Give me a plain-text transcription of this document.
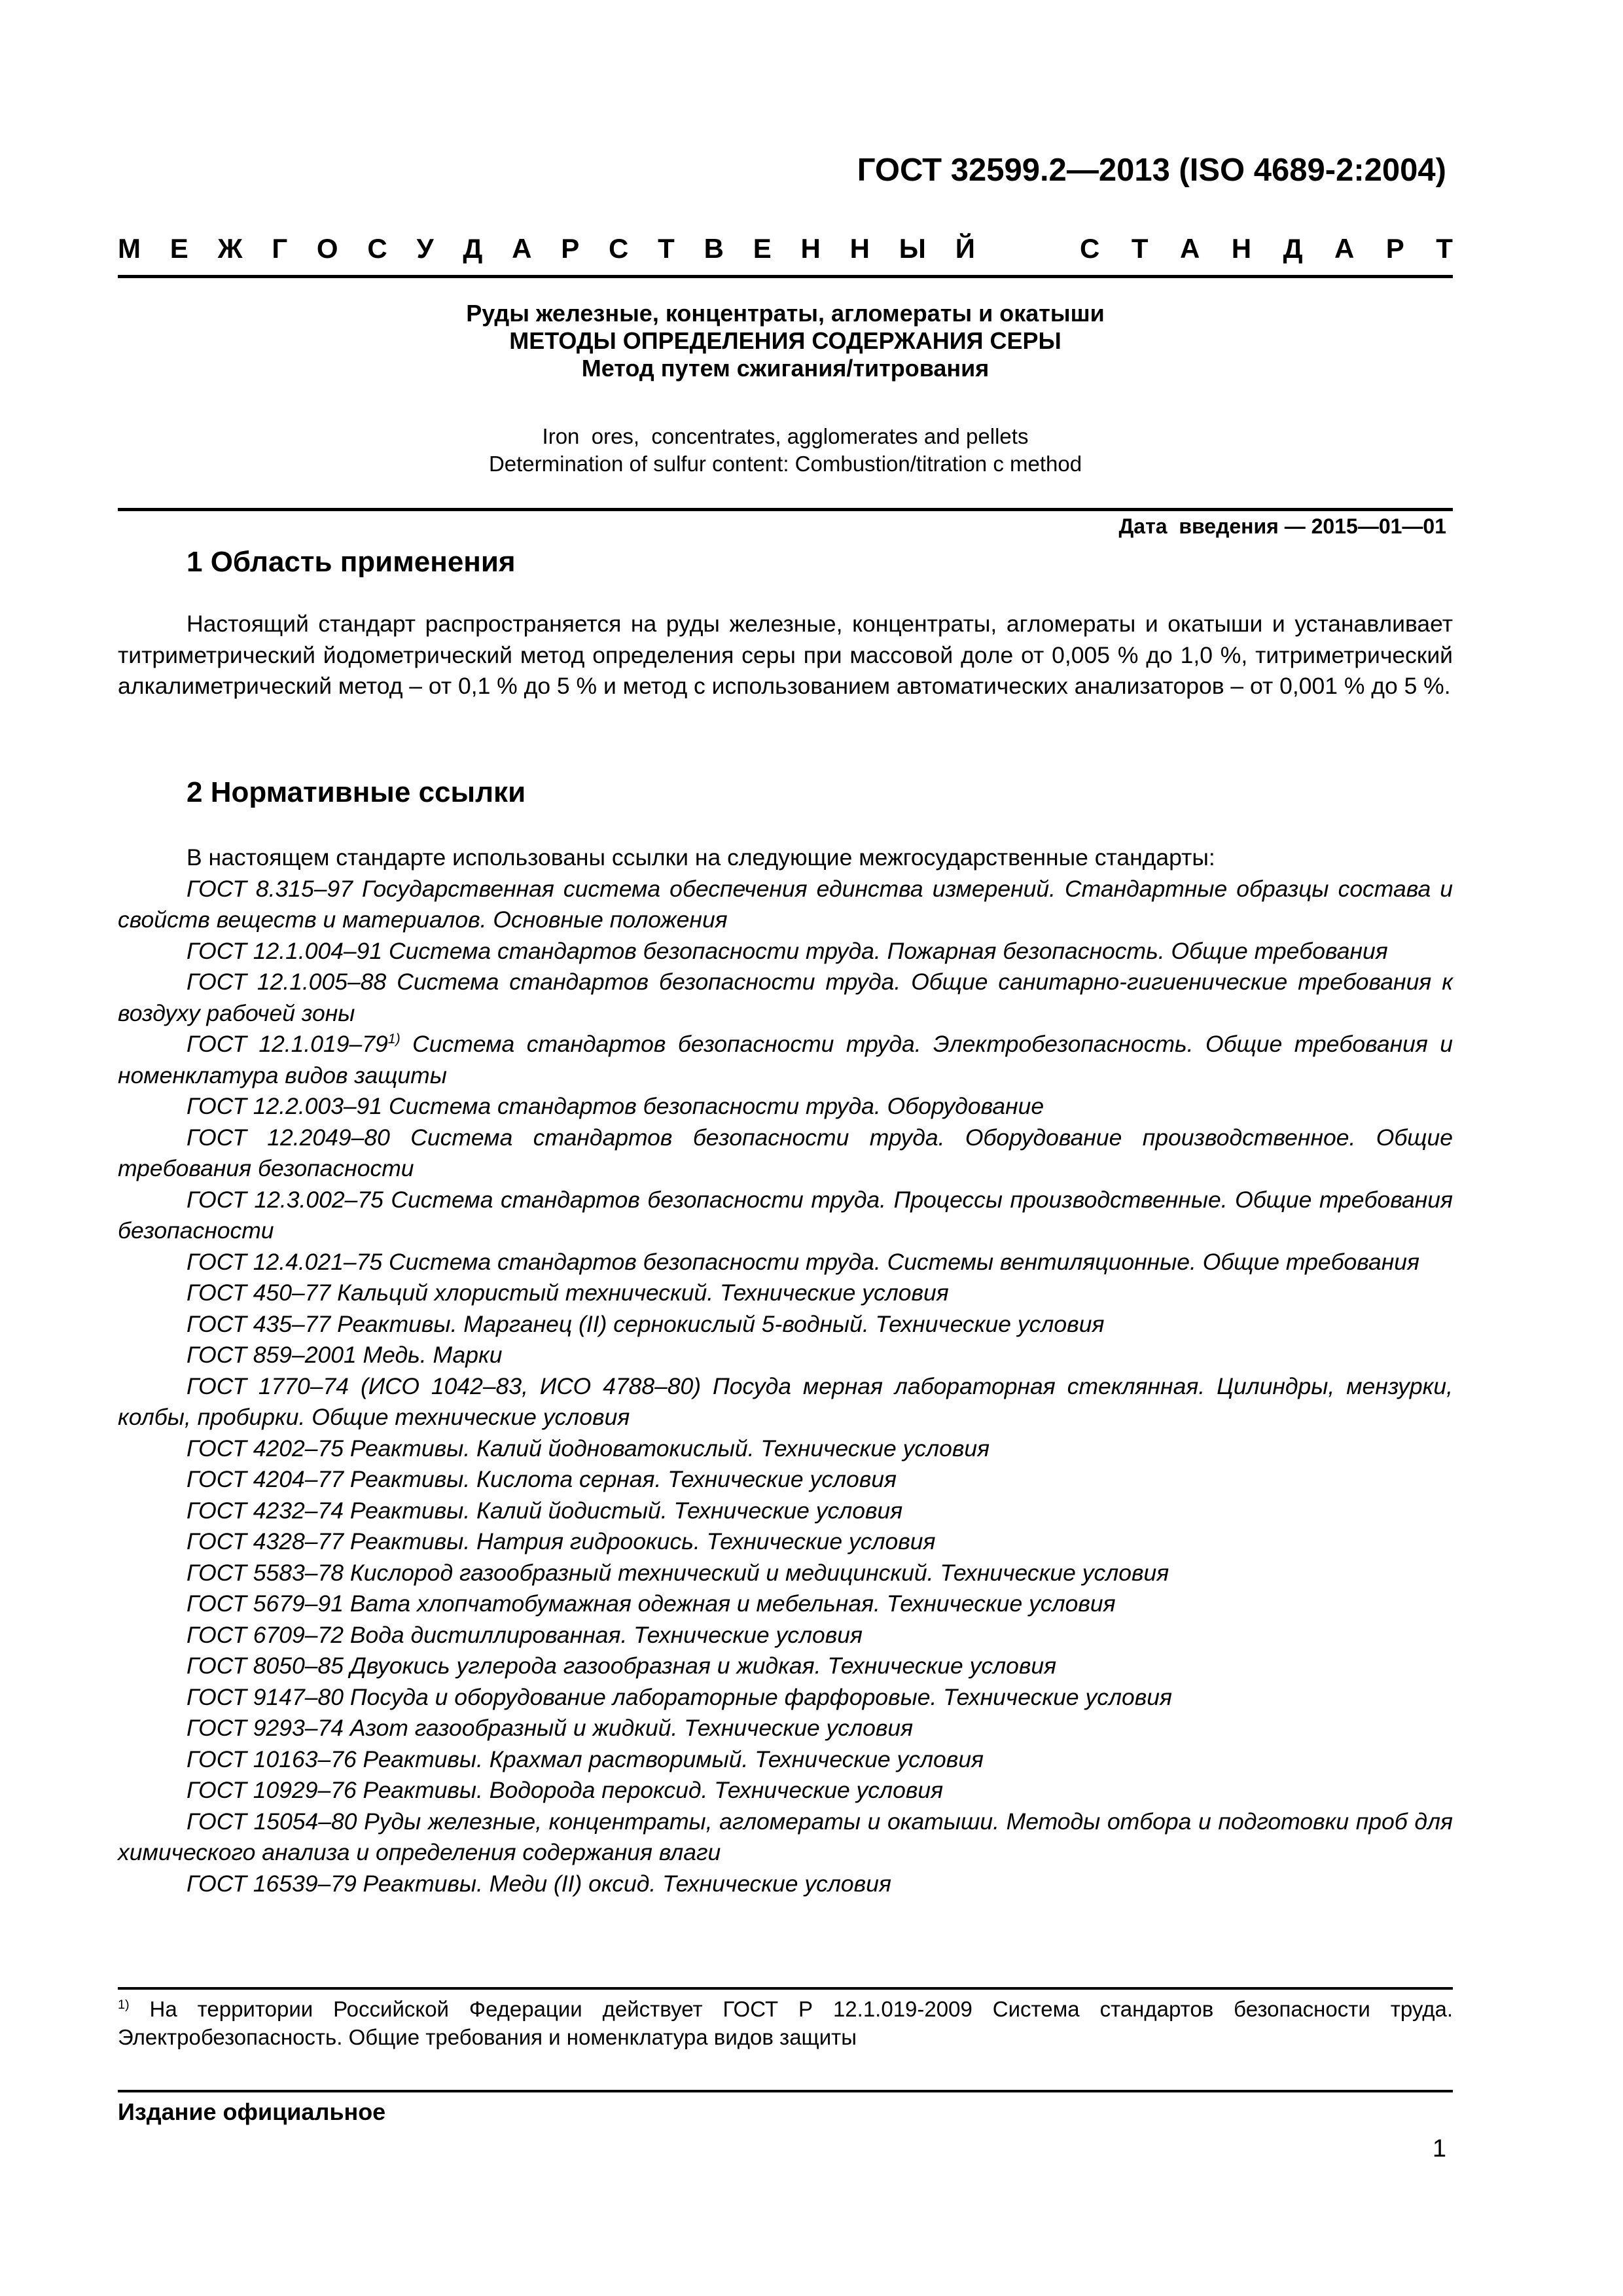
ГОСТ 32599.2—2013 (ISO 4689-2:2004)
М Е Ж Г О С У Д А Р С Т В Е Н Н Ы Й	С Т А Н Д А Р Т
Руды железные, концентраты, агломераты и окатыши
МЕТОДЫ ОПРЕДЕЛЕНИЯ СОДЕРЖАНИЯ СЕРЫ
Метод путем сжигания/титрования
Iron  ores,  concentrates, agglomerates and pellets
Determination of sulfur content: Combustion/titration c method
Дата  введения — 2015—01—01
1 Область применения

Настоящий стандарт распространяется на руды железные, концентраты, агломераты и окатыши и устанавливает титриметрический йодометрический метод определения серы при массовой доле от 0,005 % до 1,0 %, титриметрический алкалиметрический метод – от 0,1 % до 5 % и метод с использованием автоматических анализаторов – от 0,001 % до 5 %.

2 Нормативные ссылки

В настоящем стандарте использованы ссылки на следующие межгосударственные стандарты:

ГОСТ 8.315–97 Государственная система обеспечения единства измерений. Стандартные образцы состава и свойств веществ и материалов. Основные положения

ГОСТ 12.1.004–91 Система стандартов безопасности труда. Пожарная безопасность. Общие требования

ГОСТ 12.1.005–88 Система стандартов безопасности труда. Общие санитарно-гигиенические требования к воздуху рабочей зоны

ГОСТ 12.1.019–79$^{1)}$ Система стандартов безопасности труда. Электробезопасность. Общие требования и номенклатура видов защиты

ГОСТ 12.2.003–91 Система стандартов безопасности труда. Оборудование

ГОСТ 12.2049–80 Система стандартов безопасности труда. Оборудование производственное. Общие требования безопасности

ГОСТ 12.3.002–75 Система стандартов безопасности труда. Процессы производственные. Общие требования безопасности

ГОСТ 12.4.021–75 Система стандартов безопасности труда. Системы вентиляционные. Общие требования

ГОСТ 450–77 Кальций хлористый технический. Технические условия

ГОСТ 435–77 Реактивы. Марганец (II) сернокислый 5-водный. Технические условия

ГОСТ 859–2001 Медь. Марки

ГОСТ 1770–74 (ИСО 1042–83, ИСО 4788–80) Посуда мерная лабораторная стеклянная. Цилиндры, мензурки, колбы, пробирки. Общие технические условия

ГОСТ 4202–75 Реактивы. Калий йодноватокислый. Технические условия

ГОСТ 4204–77 Реактивы. Кислота серная. Технические условия

ГОСТ 4232–74 Реактивы. Калий йодистый. Технические условия

ГОСТ 4328–77 Реактивы. Натрия гидроокись. Технические условия

ГОСТ 5583–78 Кислород газообразный технический и медицинский. Технические условия

ГОСТ 5679–91 Вата хлопчатобумажная одежная и мебельная. Технические условия

ГОСТ 6709–72 Вода дистиллированная. Технические условия

ГОСТ 8050–85 Двуокись углерода газообразная и жидкая. Технические условия

ГОСТ 9147–80 Посуда и оборудование лабораторные фарфоровые. Технические условия

ГОСТ 9293–74 Азот газообразный и жидкий. Технические условия

ГОСТ 10163–76 Реактивы. Крахмал растворимый. Технические условия

ГОСТ 10929–76 Реактивы. Водорода пероксид. Технические условия

ГОСТ 15054–80 Руды железные, концентраты, агломераты и окатыши. Методы отбора и подготовки проб для химического анализа и определения содержания влаги

ГОСТ 16539–79 Реактивы. Меди (II) оксид. Технические условия

$^{1)}$ На территории Российской Федерации действует ГОСТ Р 12.1.019-2009 Система стандартов безопасности труда. Электробезопасность. Общие требования и номенклатура видов защиты

Издание официальное
1
